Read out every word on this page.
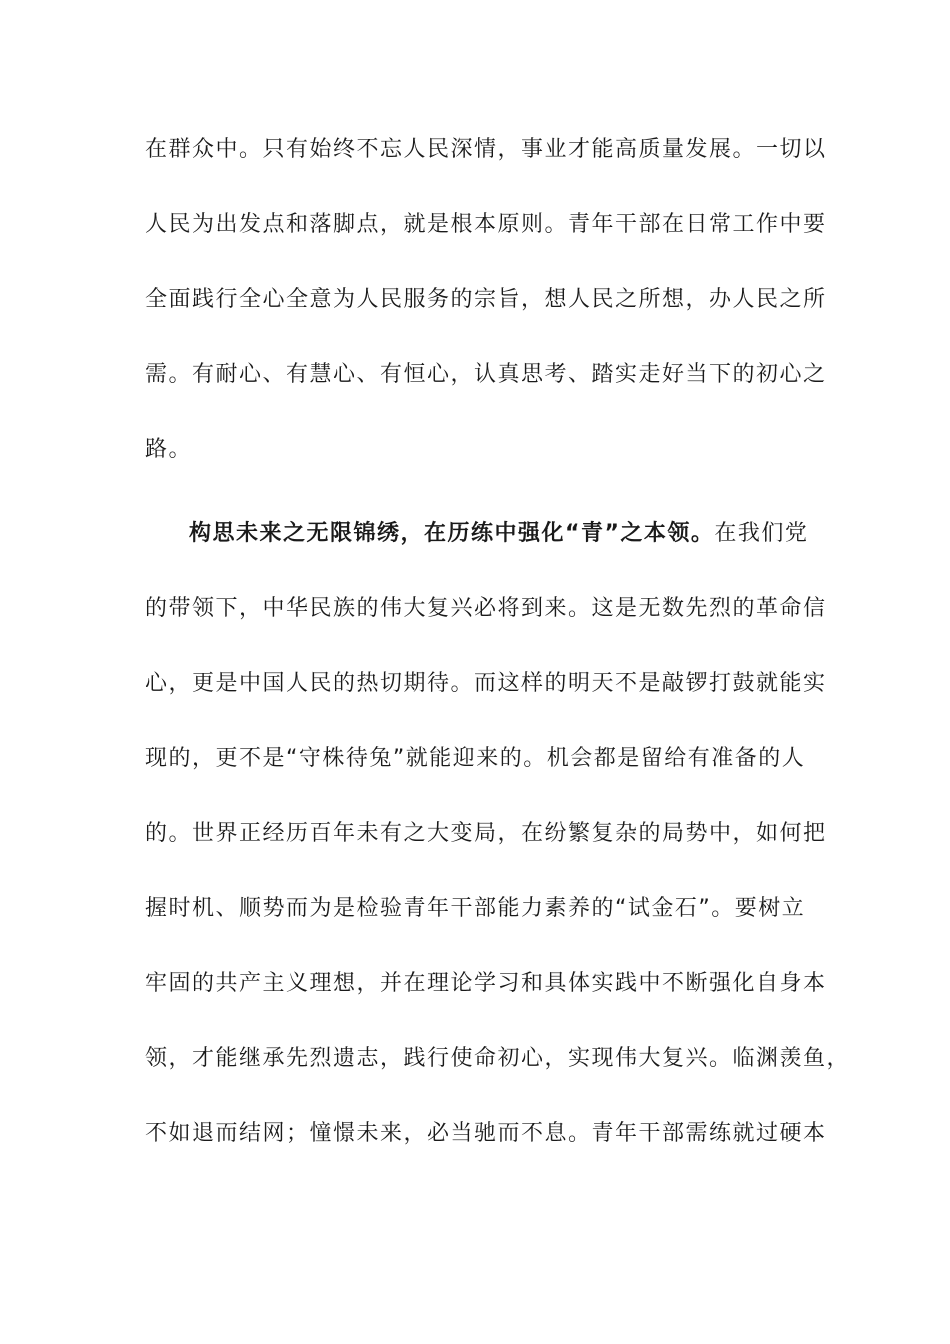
在群众中。只有始终不忘人民深情，事业才能高质量发展。一切以
人民为出发点和落脚点，就是根本原则。青年干部在日常工作中要
全面践行全心全意为人民服务的宗旨，想人民之所想，办人民之所
需。有耐心、有慧心、有恒心，认真思考、踏实走好当下的初心之
路。
构思未来之无限锦绣，在历练中强化“青”之本领。在我们党
的带领下，中华民族的伟大复兴必将到来。这是无数先烈的革命信
心，更是中国人民的热切期待。而这样的明天不是敲锣打鼓就能实
现的，更不是“守株待兔”就能迎来的。机会都是留给有准备的人
的。世界正经历百年未有之大变局，在纷繁复杂的局势中，如何把
握时机、顺势而为是检验青年干部能力素养的“试金石”。要树立
牢固的共产主义理想，并在理论学习和具体实践中不断强化自身本
领，才能继承先烈遗志，践行使命初心，实现伟大复兴。临渊羡鱼，
不如退而结网；憧憬未来，必当驰而不息。青年干部需练就过硬本
